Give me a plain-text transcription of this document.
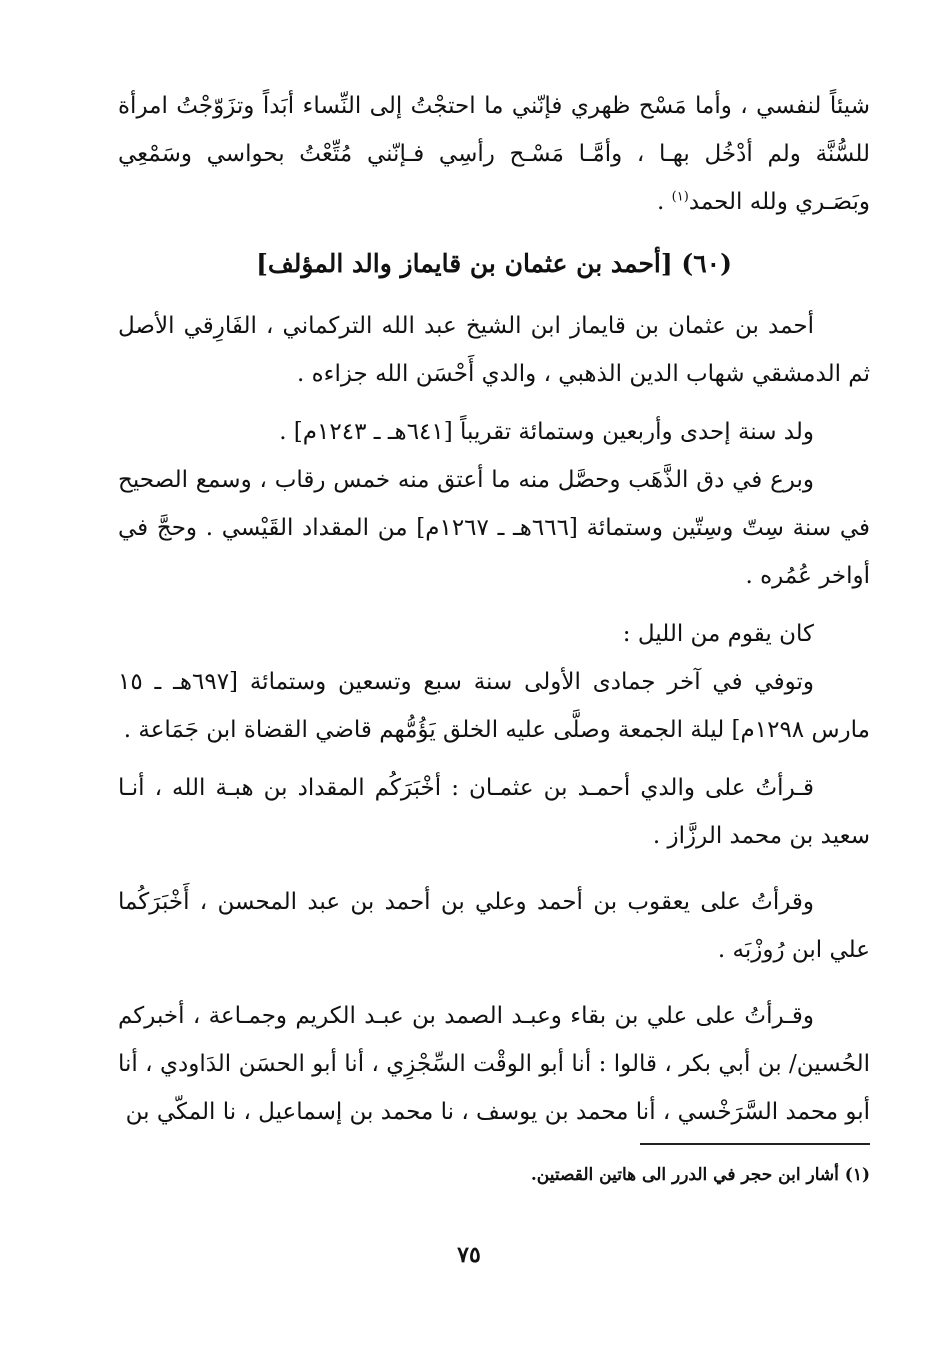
شيئاً لنفسي ، وأما مَسْح ظهري فإنّني ما احتجْتُ إلى النِّساء أبَداً وتزَوّجْتُ امرأة للسُّنَّة ولم أدْخُل بهـا ، وأمَّـا مَسْـح رأسِي فـإنّني مُتِّعْتُ بحواسي وسَمْعِي وبَصَـري ولله الحمد$^{(١)}$ .

(٦٠) [أحمد بن عثمان بن قايماز والد المؤلف]

أحمد بن عثمان بن قايماز ابن الشيخ عبد الله التركماني ، الفَارِقي الأصل ثم الدمشقي شهاب الدين الذهبي ، والدي أَحْسَن الله جزاءه .

ولد سنة إحدى وأربعين وستمائة تقريباً [٦٤١هـ ـ ١٢٤٣م] .

وبرع في دق الذَّهَب وحصَّل منه ما أعتق منه خمس رقاب ، وسمع الصحيح في سنة سِتّ وسِتّين وستمائة [٦٦٦هـ ـ ١٢٦٧م] من المقداد القَيْسي . وحجَّ في أواخر عُمُره .

كان يقوم من الليل :

وتوفي في آخر جمادى الأولى سنة سبع وتسعين وستمائة [٦٩٧هـ ـ ١٥ مارس ١٢٩٨م] ليلة الجمعة وصلَّى عليه الخلق يَؤُمُّهم قاضي القضاة ابن جَمَاعة .

قـرأتُ على والدي أحمـد بن عثمـان : أخْبَرَكُم المقداد بن هبـة الله ، أنـا سعيد بن محمد الرزَّاز .

وقرأتُ على يعقوب بن أحمد وعلي بن أحمد بن عبد المحسن ، أَخْبَرَكُما علي ابن رُوزْبَه .

وقـرأتُ على علي بن بقاء وعبـد الصمد بن عبـد الكريم وجمـاعة ، أخبركم الحُسين/ بن أبي بكر ، قالوا : أنا أبو الوقْت السِّجْزِي ، أنا أبو الحسَن الدَاودي ، أنا أبو محمد السَّرَخْسي ، أنا محمد بن يوسف ، نا محمد بن إسماعيل ، نا المكّي بن

(١) أشار ابن حجر في الدرر الى هاتين القصتين.
٧٥
